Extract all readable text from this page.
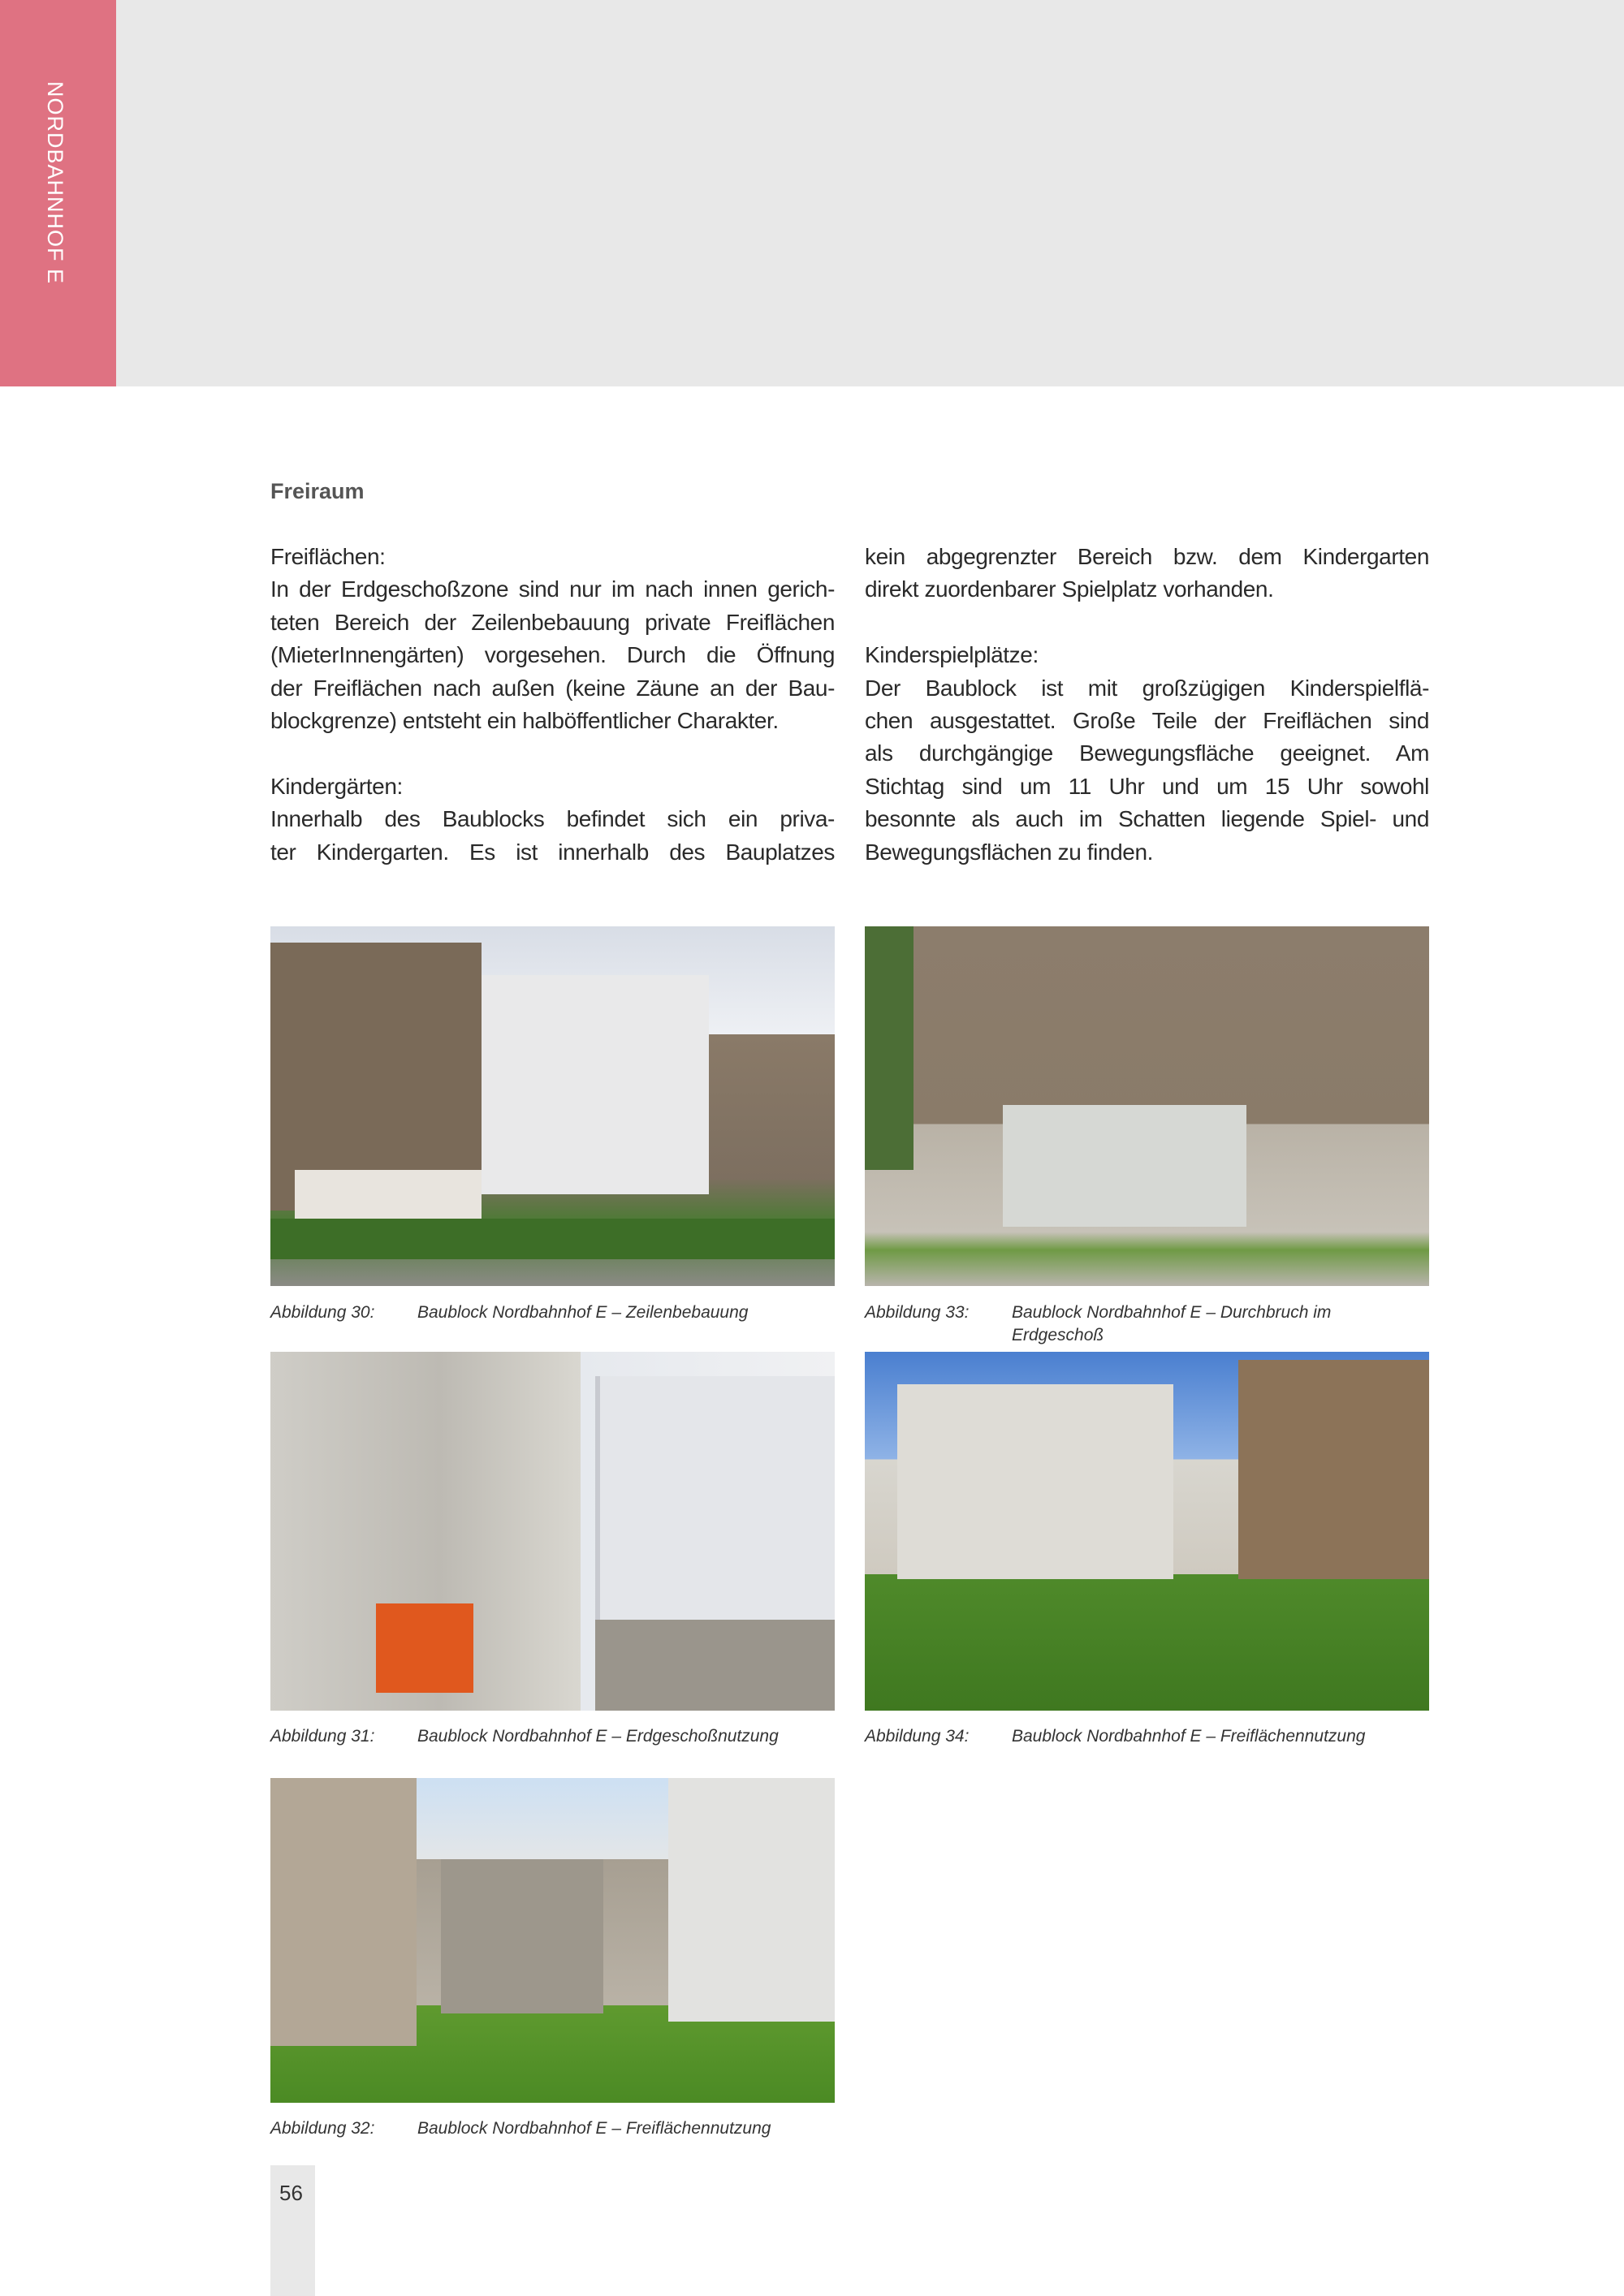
NORDBAHNHOF E
Freiraum
Freiflächen:
In der Erdgeschoßzone sind nur im nach innen gerich-
teten Bereich der Zeilenbebauung private Freiflächen
(MieterInnengärten) vorgesehen. Durch die Öffnung
der Freiflächen nach außen (keine Zäune an der Bau-
blockgrenze) entsteht ein halböffentlicher Charakter.
Kindergärten:
Innerhalb des Baublocks befindet sich ein priva-
ter Kindergarten. Es ist innerhalb des Bauplatzes
kein abgegrenzter Bereich bzw. dem Kindergarten
direkt zuordenbarer Spielplatz vorhanden.
Kinderspielplätze:
Der Baublock ist mit großzügigen Kinderspielflä-
chen ausgestattet. Große Teile der Freiflächen sind
als durchgängige Bewegungsfläche geeignet. Am
Stichtag sind um 11 Uhr und um 15 Uhr sowohl
besonnte als auch im Schatten liegende Spiel- und
Bewegungsflächen zu finden.
Abbildung 30:	Baublock Nordbahnhof E – Zeilenbebauung	Abbildung 33:	Baublock Nordbahnhof E – Durchbruch im Erdgeschoß
Abbildung 31:	Baublock Nordbahnhof E – Erdgeschoßnutzung	Abbildung 34:	Baublock Nordbahnhof E – Freiflächennutzung
Abbildung 32:	Baublock Nordbahnhof E – Freiflächennutzung
56
